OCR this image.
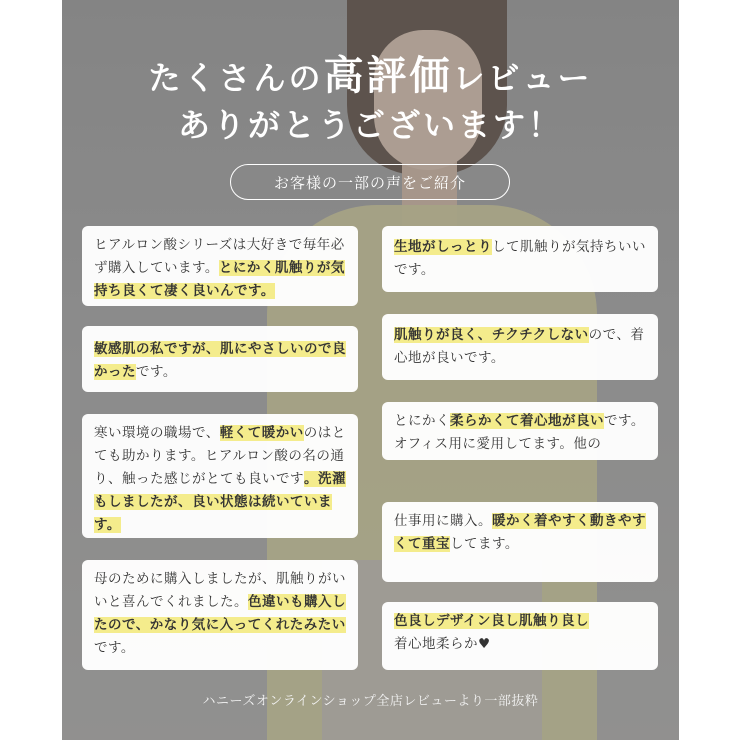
たくさんの高評価レビュー
ありがとうございます！
お客様の一部の声をご紹介
ヒアルロン酸シリーズは大好きで毎年必ず購入しています。とにかく肌触りが気持ち良くて凄く良いんです。
敏感肌の私ですが、肌にやさしいので良かったです。
寒い環境の職場で、軽くて暖かいのはとても助かります。ヒアルロン酸の名の通り、触った感じがとても良いです。洗濯もしましたが、良い状態は続いています。
母のために購入しましたが、肌触りがいいと喜んでくれました。色違いも購入したので、かなり気に入ってくれたみたいです。
生地がしっとりして肌触りが気持ちいいです。
肌触りが良く、チクチクしないので、着心地が良いです。
とにかく柔らかくて着心地が良いです。オフィス用に愛用してます。他の
仕事用に購入。暖かく着やすく動きやすくて重宝してます。
色良しデザイン良し肌触り良し
着心地柔らか♥
ハニーズオンラインショップ全店レビューより一部抜粋
